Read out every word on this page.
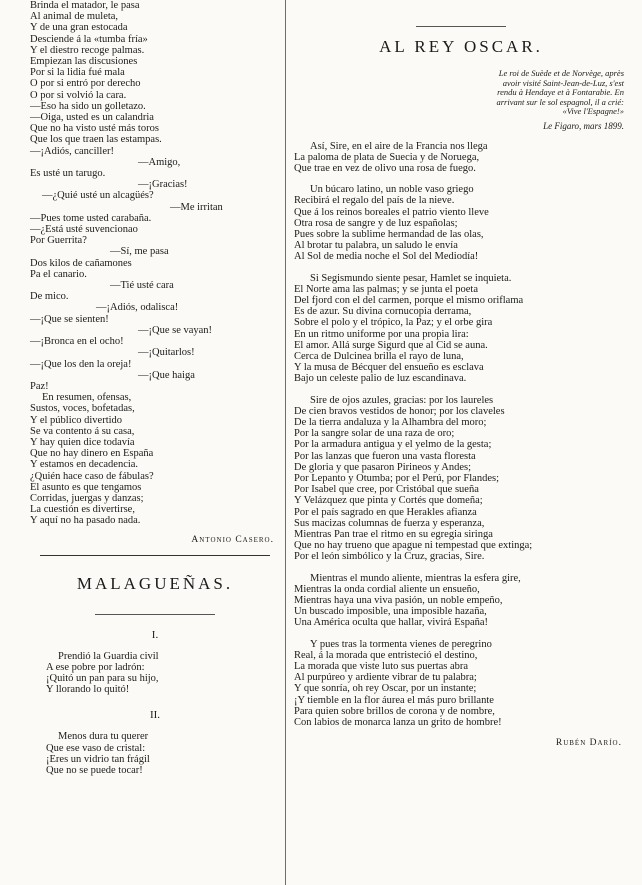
Brinda el matador, le pasa
Al animal de muleta,
Y de una gran estocada
Desciende á la «tumba fría»
Y el diestro recoge palmas.
Empiezan las discusiones
Por si la lidia fué mala
O por si entró por derecho
O por si volvió la cara.
—Eso ha sido un golletazo.
—Oiga, usted es un calandria
Que no ha visto usté más toros
Que los que traen las estampas.
—¡Adiós, canciller!
—Amigo,
Es usté un tarugo.
—¡Gracias!
—¿Quié usté un alcagüés?
—Me irritan
—Pues tome usted carabaña.
—¿Está usté suvencionao
Por Guerrita?
—Sí, me pasa
Dos kilos de cañamones
Pa el canario.
—Tié usté cara
De mico.
—¡Adiós, odalisca!
—¡Que se sienten!
—¡Que se vayan!
—¡Bronca en el ocho!
—¡Quitarlos!
—¡Que los den la oreja!
—¡Que haiga
Paz!
En resumen, ofensas,
Sustos, voces, bofetadas,
Y el público divertido
Se va contento á su casa,
Y hay quien dice todavía
Que no hay dinero en España
Y estamos en decadencia.
¿Quién hace caso de fábulas?
El asunto es que tengamos
Corridas, juergas y danzas;
La cuestión es divertirse,
Y aquí no ha pasado nada.
Antonio Casero.
MALAGUEÑAS.
I.
Prendió la Guardia civil
A ese pobre por ladrón:
¡Quitó un pan para su hijo,
Y llorando lo quitó!
II.
Menos dura tu querer
Que ese vaso de cristal:
¡Eres un vidrio tan frágil
Que no se puede tocar!
AL REY OSCAR.
Le roi de Suède et de Norvège, après
avoir visité Saint-Jean-de-Luz, s'est
rendu à Hendaye et à Fontarabie. En
arrivant sur le sol espagnol, il a crié:
«Vive l'Espagne!»
Le Figaro, mars 1899.
Así, Sire, en el aire de la Francia nos llega
La paloma de plata de Suecia y de Noruega,
Que trae en vez de olivo una rosa de fuego.
Un búcaro latino, un noble vaso griego
Recibirá el regalo del país de la nieve.
Que á los reinos boreales el patrio viento lleve
Otra rosa de sangre y de luz españolas;
Pues sobre la sublime hermandad de las olas,
Al brotar tu palabra, un saludo le envía
Al Sol de media noche el Sol del Mediodía!
Si Segismundo siente pesar, Hamlet se inquieta.
El Norte ama las palmas; y se junta el poeta
Del fjord con el del carmen, porque el mismo oriflama
Es de azur. Su divina cornucopia derrama,
Sobre el polo y el trópico, la Paz; y el orbe gira
En un ritmo uniforme por una propia lira:
El amor. Allá surge Sigurd que al Cid se auna.
Cerca de Dulcinea brilla el rayo de luna,
Y la musa de Bécquer del ensueño es esclava
Bajo un celeste palio de luz escandinava.
Sire de ojos azules, gracias: por los laureles
De cien bravos vestidos de honor; por los claveles
De la tierra andaluza y la Alhambra del moro;
Por la sangre solar de una raza de oro;
Por la armadura antigua y el yelmo de la gesta;
Por las lanzas que fueron una vasta floresta
De gloria y que pasaron Pirineos y Andes;
Por Lepanto y Otumba; por el Perú, por Flandes;
Por Isabel que cree, por Cristóbal que sueña
Y Velázquez que pinta y Cortés que domeña;
Por el país sagrado en que Herakles afianza
Sus macizas columnas de fuerza y esperanza,
Mientras Pan trae el ritmo en su egregia siringa
Que no hay trueno que apague ni tempestad que extinga;
Por el león simbólico y la Cruz, gracias, Sire.
Mientras el mundo aliente, mientras la esfera gire,
Mientras la onda cordial aliente un ensueño,
Mientras haya una viva pasión, un noble empeño,
Un buscado imposible, una imposible hazaña,
Una América oculta que hallar, vivirá España!
Y pues tras la tormenta vienes de peregrino
Real, á la morada que entristeció el destino,
La morada que viste luto sus puertas abra
Al purpúreo y ardiente vibrar de tu palabra;
Y que sonría, oh rey Oscar, por un instante;
¡Y tiemble en la flor áurea el más puro brillante
Para quien sobre brillos de corona y de nombre,
Con labios de monarca lanza un grito de hombre!
Rubén Darío.
